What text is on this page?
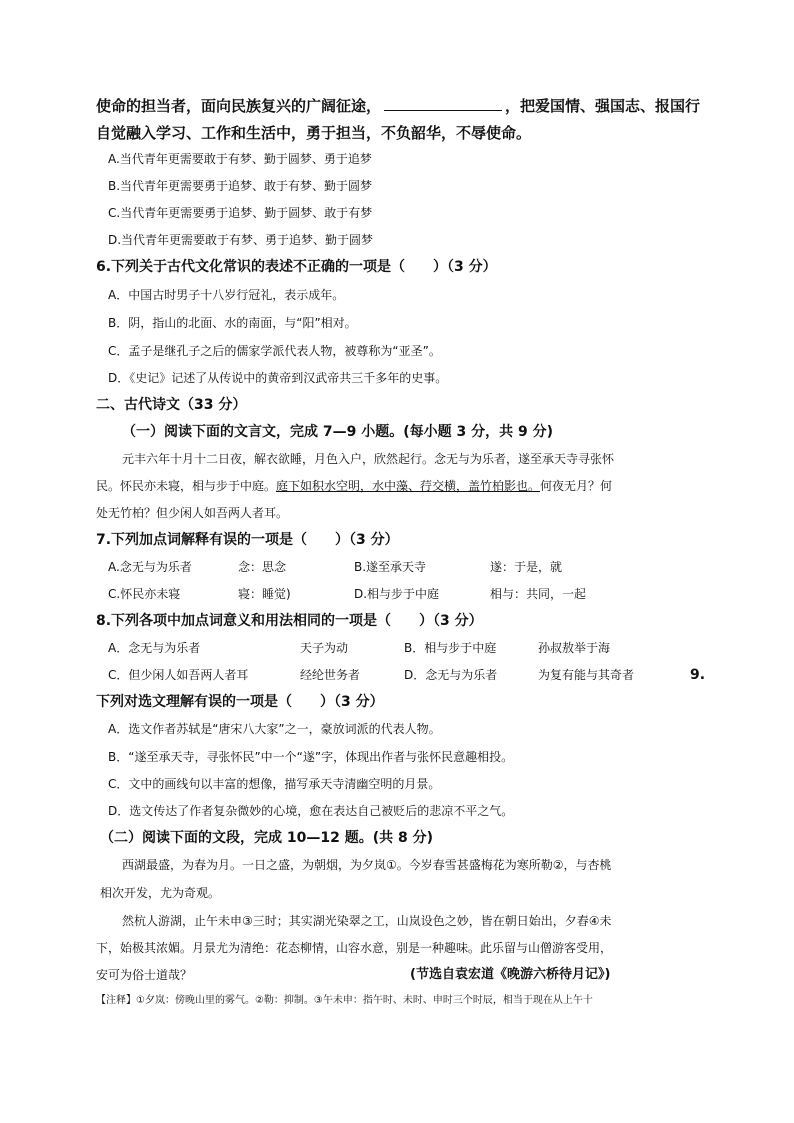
使命的担当者，面向民族复兴的广阔征途，	，把爱国情、强国志、报国行
自觉融入学习、工作和生活中，勇于担当，不负韶华，不辱使命。
A.当代青年更需要敢于有梦、勤于圆梦、勇于追梦
B.当代青年更需要勇于追梦、敢于有梦、勤于圆梦
C.当代青年更需要勇于追梦、勤于圆梦、敢于有梦
D.当代青年更需要敢于有梦、勇于追梦、勤于圆梦
6.下列关于古代文化常识的表述不正确的一项是（　　）（3 分）
A．中国古时男子十八岁行冠礼，表示成年。
B．阴，指山的北面、水的南面，与“阳”相对。
C．孟子是继孔子之后的儒家学派代表人物，被尊称为“亚圣”。
D．《史记》记述了从传说中的黄帝到汉武帝共三千多年的史事。
二、古代诗文（33 分）
（一）阅读下面的文言文，完成 7—9 小题。(每小题 3 分，共 9 分)
元丰六年十月十二日夜，解衣欲睡，月色入户，欣然起行。念无与为乐者，遂至承天寺寻张怀
民。怀民亦未寝，相与步于中庭。庭下如积水空明，水中藻、荇交横，盖竹柏影也。何夜无月？何
处无竹柏？但少闲人如吾两人者耳。
7.下列加点词解释有误的一项是（　　）（3 分）
A.念无与为乐者	念：思念	B.遂至承天寺	遂：于是，就
C.怀民亦未寝	寝：睡觉)	D.相与步于中庭	相与：共同，一起
8.下列各项中加点词意义和用法相同的一项是（　　）（3 分）
A．念无与为乐者	天子为动	B．相与步于中庭	孙叔敖举于海
C．但少闲人如吾两人者耳	经纶世务者	D．念无与为乐者	为复有能与其奇者	9.
下列对选文理解有误的一项是（　　）（3 分）
A．选文作者苏轼是“唐宋八大家”之一，豪放词派的代表人物。
B．“遂至承天寺，寻张怀民”中一个“遂”字，体现出作者与张怀民意趣相投。
C．文中的画线句以丰富的想像，描写承天寺清幽空明的月景。
D．选文传达了作者复杂微妙的心境，愈在表达自己被贬后的悲凉不平之气。
（二）阅读下面的文段，完成 10—12 题。(共 8 分)
西湖最盛，为春为月。一日之盛，为朝烟，为夕岚①。今岁春雪甚盛梅花为寒所勒②，与杏桃
相次开发，尤为奇观。
然杭人游湖，止午未申③三时；其实湖光染翠之工，山岚设色之妙，皆在朝日始出，夕舂④未
下，始极其浓媚。月景尤为清绝：花态柳情，山容水意，别是一种趣味。此乐留与山僧游客受用，
安可为俗士道哉？	(节选自袁宏道《晚游六桥待月记》)
【注释】①夕岚：傍晚山里的雾气。②勒：抑制。③午未申：指午时、未时、申时三个时辰，相当于现在从上午十
